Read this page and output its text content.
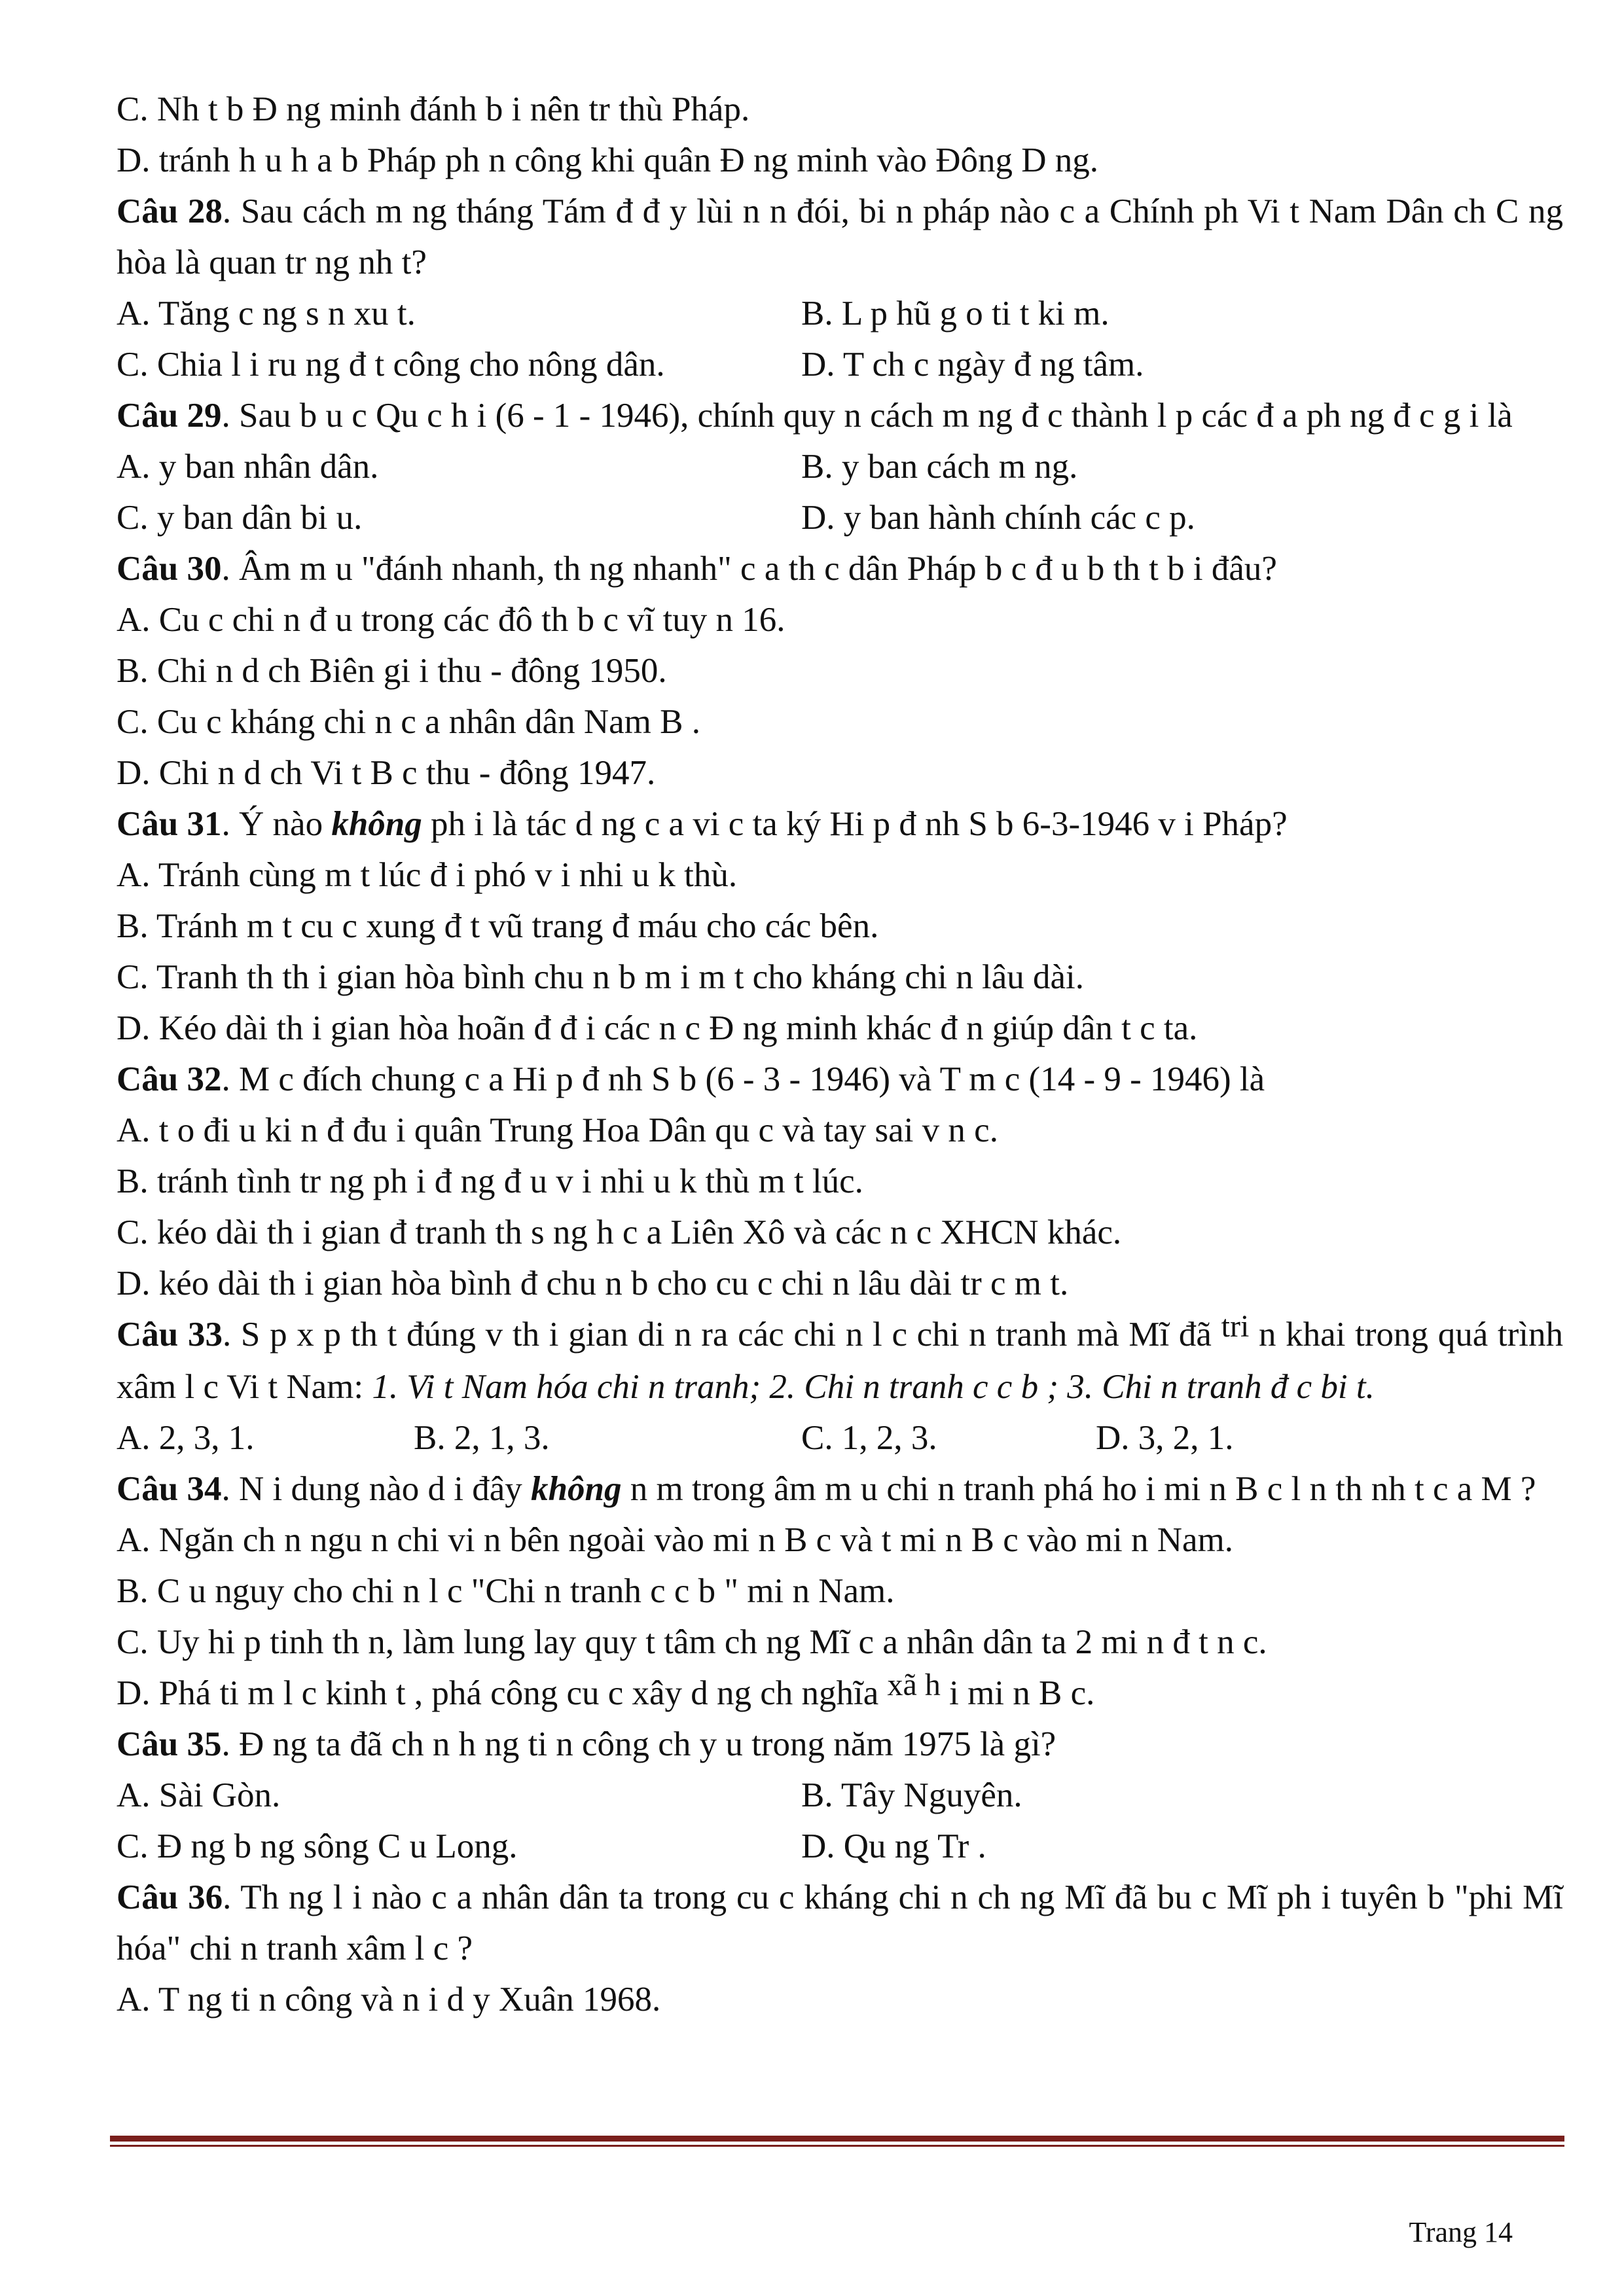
C. Nh t b Đ ng minh đánh b i nên tr thù Pháp.
D. tránh h u h a b Pháp ph n công khi quân Đ ng minh vào Đông D ng.
Câu 28. Sau cách m ng tháng Tám đ đ y lùi n n đói, bi n pháp nào c a Chính ph Vi t Nam Dân ch C ng hòa là quan tr ng nh t?
A. Tăng c ng s n xu t.	B. L p hũ g o ti t ki m.
C. Chia l i ru ng đ t công cho nông dân.	D. T ch c ngày đ ng tâm.
Câu 29. Sau b u c Qu c h i (6 - 1 - 1946), chính quy n cách m ng đ c thành l p các đ a ph ng đ c g i là
A. y ban nhân dân.	B. y ban cách m ng.
C. y ban dân bi u.	D. y ban hành chính các c p.
Câu 30. Âm m u "đánh nhanh, th ng nhanh" c a th c dân Pháp b c đ u b th t b i đâu?
A. Cu c chi n đ u trong các đô th b c vĩ tuy n 16.
B. Chi n d ch Biên gi i thu - đông 1950.
C. Cu c kháng chi n c a nhân dân Nam B .
D. Chi n d ch Vi t B c thu - đông 1947.
Câu 31. Ý nào không ph i là tác d ng c a vi c ta ký Hi p đ nh S b 6-3-1946 v i Pháp?
A. Tránh cùng m t lúc đ i phó v i nhi u k thù.
B. Tránh m t cu c xung đ t vũ trang đ máu cho các bên.
C. Tranh th th i gian hòa bình chu n b m i m t cho kháng chi n lâu dài.
D. Kéo dài th i gian hòa hoãn đ đ i các n c Đ ng minh khác đ n giúp dân t c ta.
Câu 32. M c đích chung c a Hi p đ nh S b (6 - 3 - 1946) và T m c (14 - 9 - 1946) là
A. t o đi u ki n đ đu i quân Trung Hoa Dân qu c và tay sai v n c.
B. tránh tình tr ng ph i đ ng đ u v i nhi u k thù m t lúc.
C. kéo dài th i gian đ tranh th s ng h c a Liên Xô và các n c XHCN khác.
D. kéo dài th i gian hòa bình đ chu n b cho cu c chi n lâu dài tr c m t.
Câu 33. S p x p th t đúng v th i gian di n ra các chi n l c chi n tranh mà Mĩ đã tri n khai trong quá trình xâm l c Vi t Nam: 1. Vi t Nam hóa chi n tranh; 2. Chi n tranh c c b ; 3. Chi n tranh đ c bi t.
A. 2, 3, 1.	B. 2, 1, 3.	C. 1, 2, 3.	D. 3, 2, 1.
Câu 34. N i dung nào d i đây không n m trong âm m u chi n tranh phá ho i mi n B c l n th nh t c a M ?
A. Ngăn ch n ngu n chi vi n bên ngoài vào mi n B c và t mi n B c vào mi n Nam.
B. C u nguy cho chi n l c "Chi n tranh c c b " mi n Nam.
C. Uy hi p tinh th n, làm lung lay quy t tâm ch ng Mĩ c a nhân dân ta 2 mi n đ t n c.
D. Phá ti m l c kinh t , phá công cu c xây d ng ch nghĩa xã h i mi n B c.
Câu 35. Đ ng ta đã ch n h ng ti n công ch y u trong năm 1975 là gì?
A. Sài Gòn.	B. Tây Nguyên.
C. Đ ng b ng sông C u Long.	D. Qu ng Tr .
Câu 36. Th ng l i nào c a nhân dân ta trong cu c kháng chi n ch ng Mĩ đã bu c Mĩ ph i tuyên b "phi Mĩ hóa" chi n tranh xâm l c ?
A. T ng ti n công và n i d y Xuân 1968.
Trang 14
